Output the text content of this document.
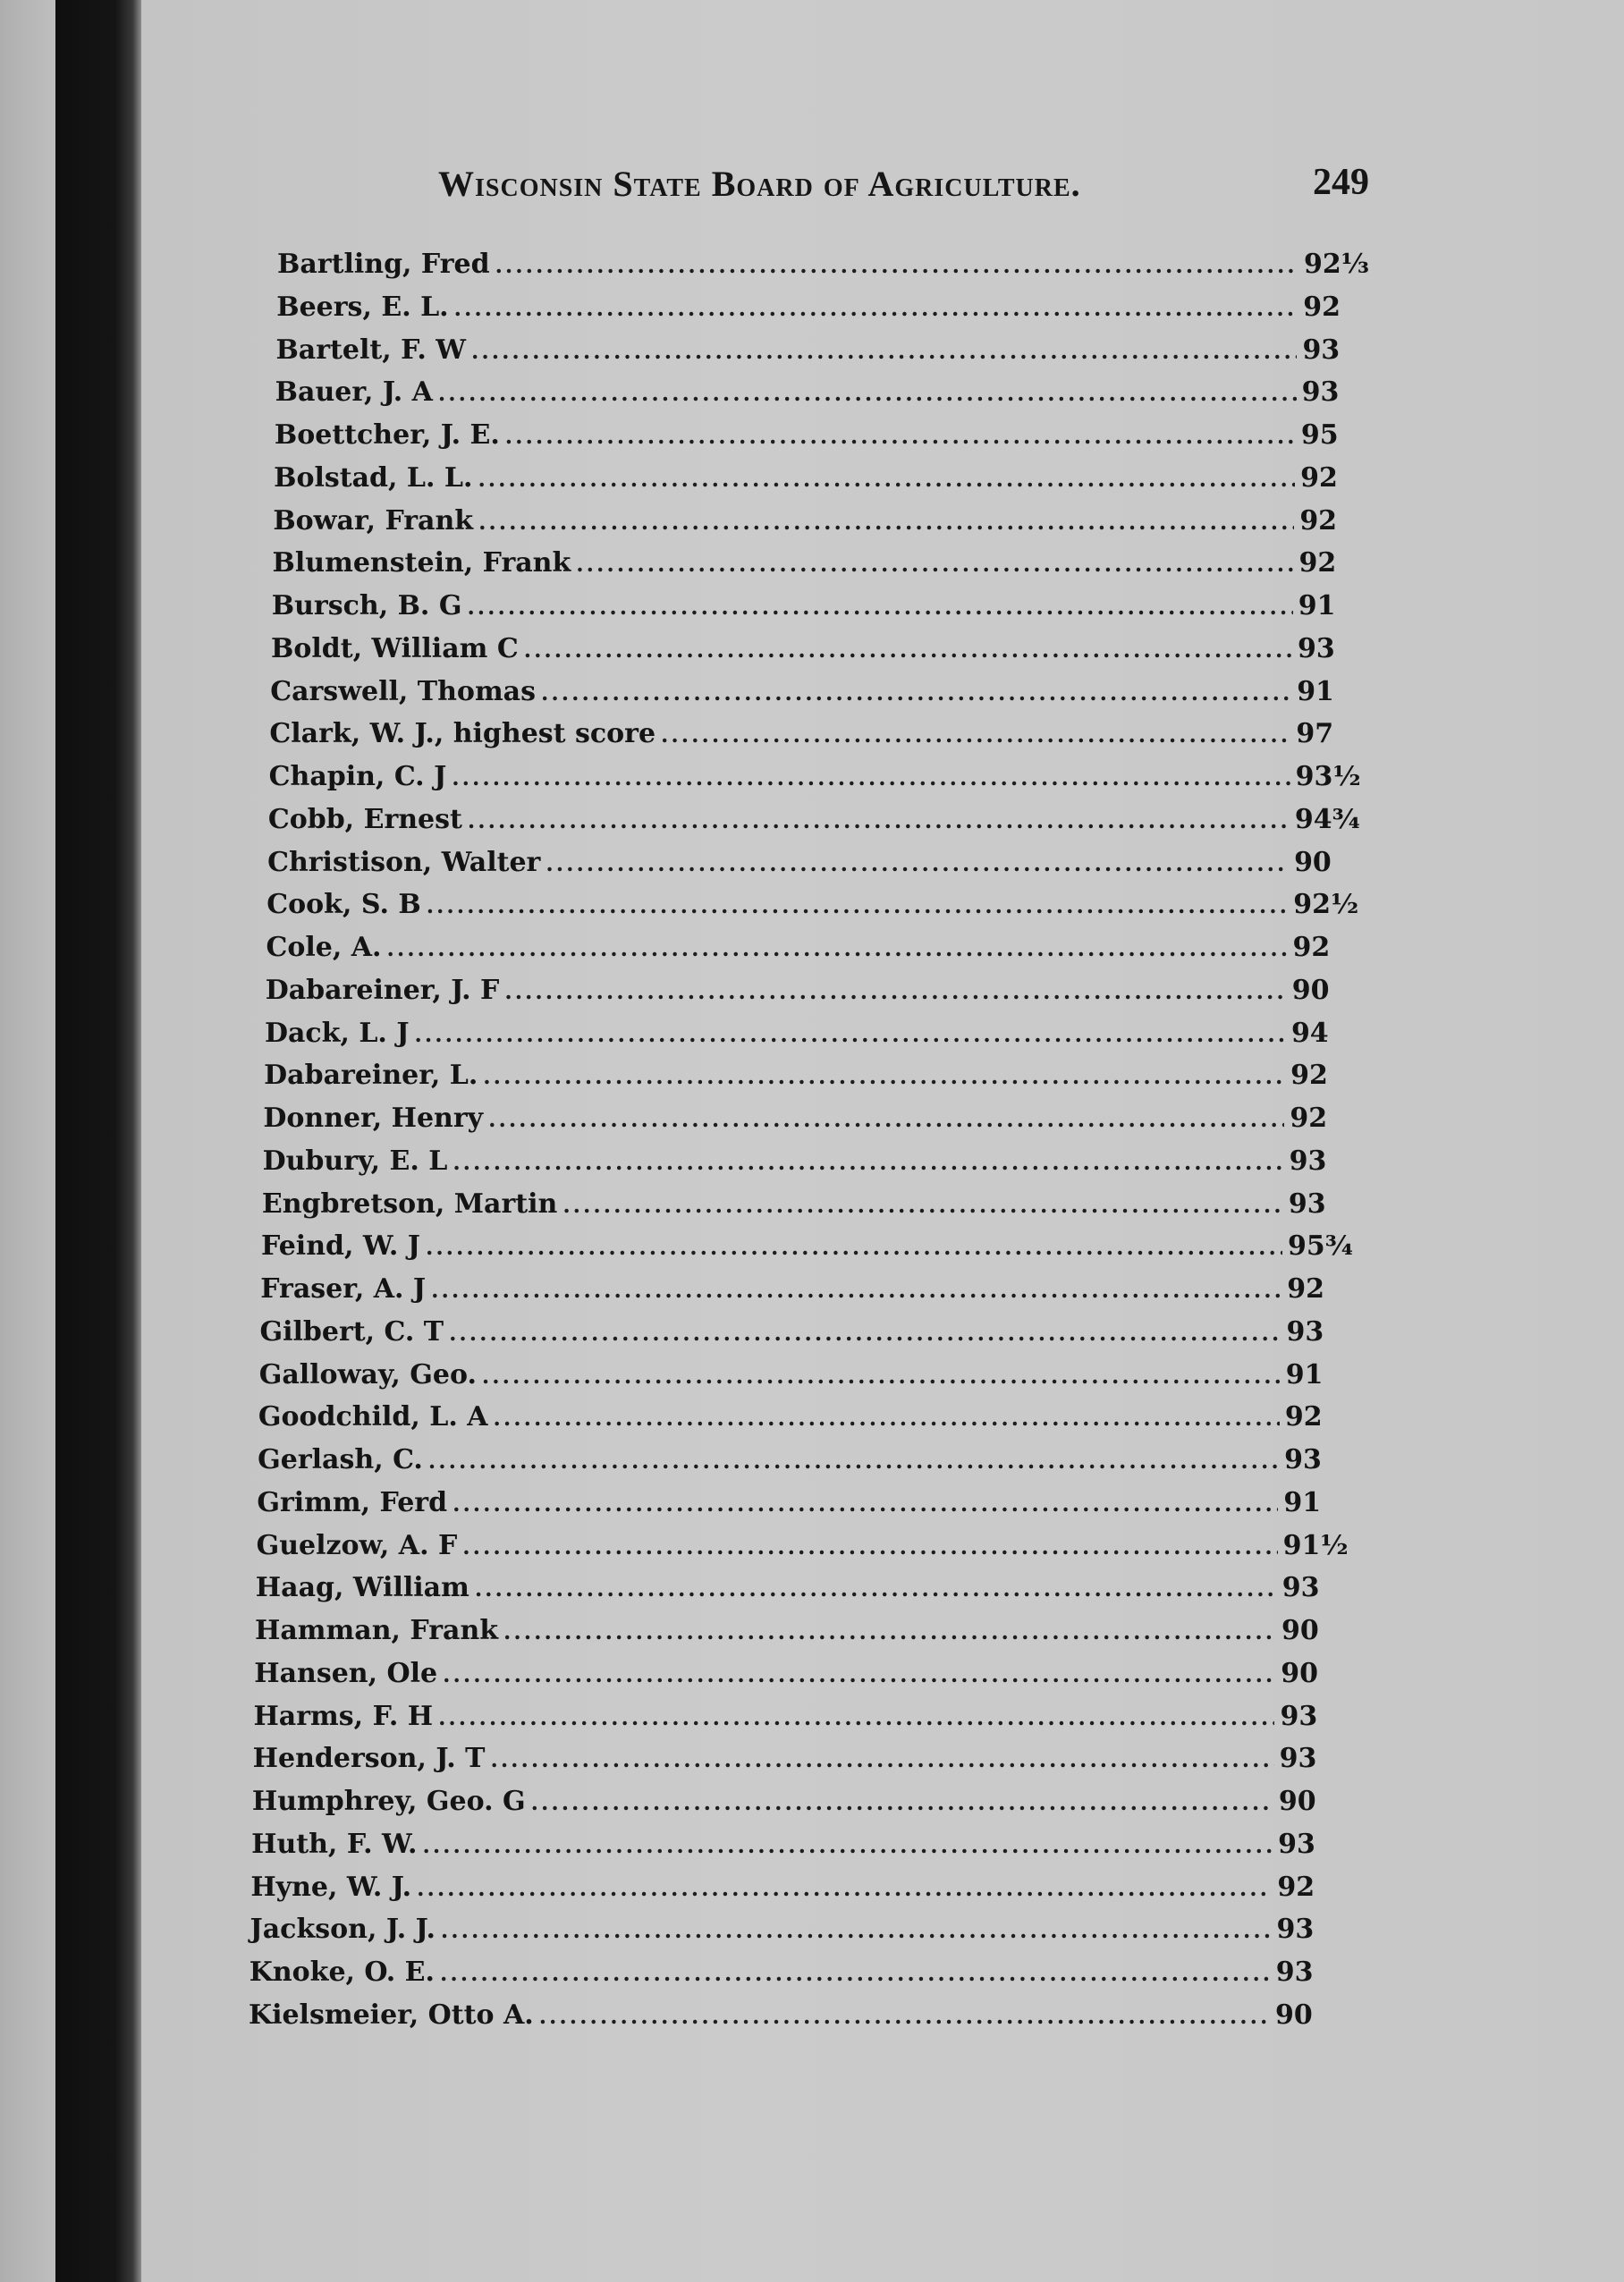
Wisconsin State Board of Agriculture.	249
Bartling, Fred .....	92⅓
Beers, E. L. .....	92
Bartelt, F. W .....	93
Bauer, J. A .....	93
Boettcher, J. E. .....	95
Bolstad, L. L. .....	92
Bowar, Frank .....	92
Blumenstein, Frank .....	92
Bursch, B. G .....	91
Boldt, William C .....	93
Carswell, Thomas .....	91
Clark, W. J., highest score .....	97
Chapin, C. J .....	93½
Cobb, Ernest .....	94¾
Christison, Walter .....	90
Cook, S. B .....	92½
Cole, A. .....	92
Dabareiner, J. F .....	90
Dack, L. J .....	94
Dabareiner, L. .....	92
Donner, Henry .....	92
Dubury, E. L .....	93
Engbretson, Martin .....	93
Feind, W. J .....	95¾
Fraser, A. J .....	92
Gilbert, C. T .....	93
Galloway, Geo. .....	91
Goodchild, L. A .....	92
Gerlash, C. .....	93
Grimm, Ferd .....	91
Guelzow, A. F .....	91½
Haag, William .....	93
Hamman, Frank .....	90
Hansen, Ole .....	90
Harms, F. H .....	93
Henderson, J. T .....	93
Humphrey, Geo. G .....	90
Huth, F. W. .....	93
Hyne, W. J. .....	92
Jackson, J. J. .....	93
Knoke, O. E. .....	93
Kielsmeier, Otto A. .....	90
